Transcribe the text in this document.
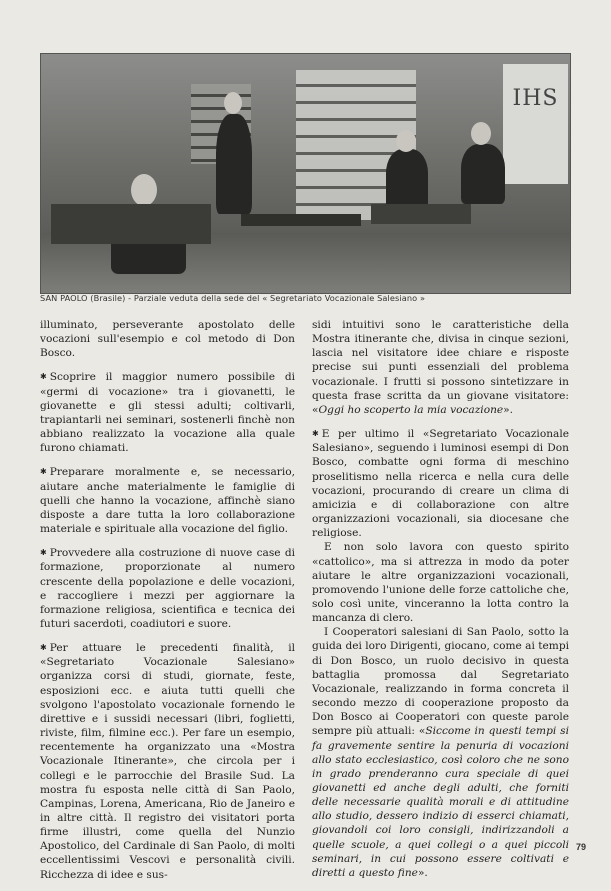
IHS
SAN PAOLO (Brasile) - Parziale veduta della sede del « Segretariato Vocazionale Salesiano »

illuminato, perseverante apostolato delle vocazioni sull'esempio e col metodo di Don Bosco.

✱ Scoprire il maggior numero possibile di «germi di vocazione» tra i giovanetti, le giovanette e gli stessi adulti; coltivarli, trapiantarli nei seminari, sostenerli finchè non abbiano realizzato la vocazione alla quale furono chiamati.

✱ Preparare moralmente e, se necessario, aiutare anche materialmente le famiglie di quelli che hanno la vocazione, affinchè siano disposte a dare tutta la loro collaborazione materiale e spirituale alla vocazione del figlio.

✱ Provvedere alla costruzione di nuove case di formazione, proporzionate al numero crescente della popolazione e delle vocazioni, e raccogliere i mezzi per aggiornare la formazione religiosa, scientifica e tecnica dei futuri sacerdoti, coadiutori e suore.

✱ Per attuare le precedenti finalità, il «Segretariato Vocazionale Salesiano» organizza corsi di studi, giornate, feste, esposizioni ecc. e aiuta tutti quelli che svolgono l'apostolato vocazionale fornendo le direttive e i sussidi necessari (libri, foglietti, riviste, film, filmine ecc.). Per fare un esempio, recentemente ha organizzato una «Mostra Vocazionale Itinerante», che circola per i collegi e le parrocchie del Brasile Sud. La mostra fu esposta nelle città di San Paolo, Campinas, Lorena, Americana, Rio de Janeiro e in altre città. Il registro dei visitatori porta firme illustri, come quella del Nunzio Apostolico, del Cardinale di San Paolo, di molti eccellentissimi Vescovi e personalità civili. Ricchezza di idee e sus-

sidi intuitivi sono le caratteristiche della Mostra itinerante che, divisa in cinque sezioni, lascia nel visitatore idee chiare e risposte precise sui punti essenziali del problema vocazionale. I frutti si possono sintetizzare in questa frase scritta da un giovane visitatore: «Oggi ho scoperto la mia vocazione».

✱ E per ultimo il «Segretariato Vocazionale Salesiano», seguendo i luminosi esempi di Don Bosco, combatte ogni forma di meschino proselitismo nella ricerca e nella cura delle vocazioni, procurando di creare un clima di amicizia e di collaborazione con altre organizzazioni vocazionali, sia diocesane che religiose.

E non solo lavora con questo spirito «cattolico», ma si attrezza in modo da poter aiutare le altre organizzazioni vocazionali, promovendo l'unione delle forze cattoliche che, solo così unite, vinceranno la lotta contro la mancanza di clero.

I Cooperatori salesiani di San Paolo, sotto la guida dei loro Dirigenti, giocano, come ai tempi di Don Bosco, un ruolo decisivo in questa battaglia promossa dal Segretariato Vocazionale, realizzando in forma concreta il secondo mezzo di cooperazione proposto da Don Bosco ai Cooperatori con queste parole sempre più attuali: «Siccome in questi tempi si fa gravemente sentire la penuria di vocazioni allo stato ecclesiastico, così coloro che ne sono in grado prenderanno cura speciale di quei giovanetti ed anche degli adulti, che forniti delle necessarie qualità morali e di attitudine allo studio, dessero indizio di esserci chiamati, giovandoli coi loro consigli, indirizzandoli a quelle scuole, a quei collegi o a quei piccoli seminari, in cui possono essere coltivati e diretti a questo fine».

79
